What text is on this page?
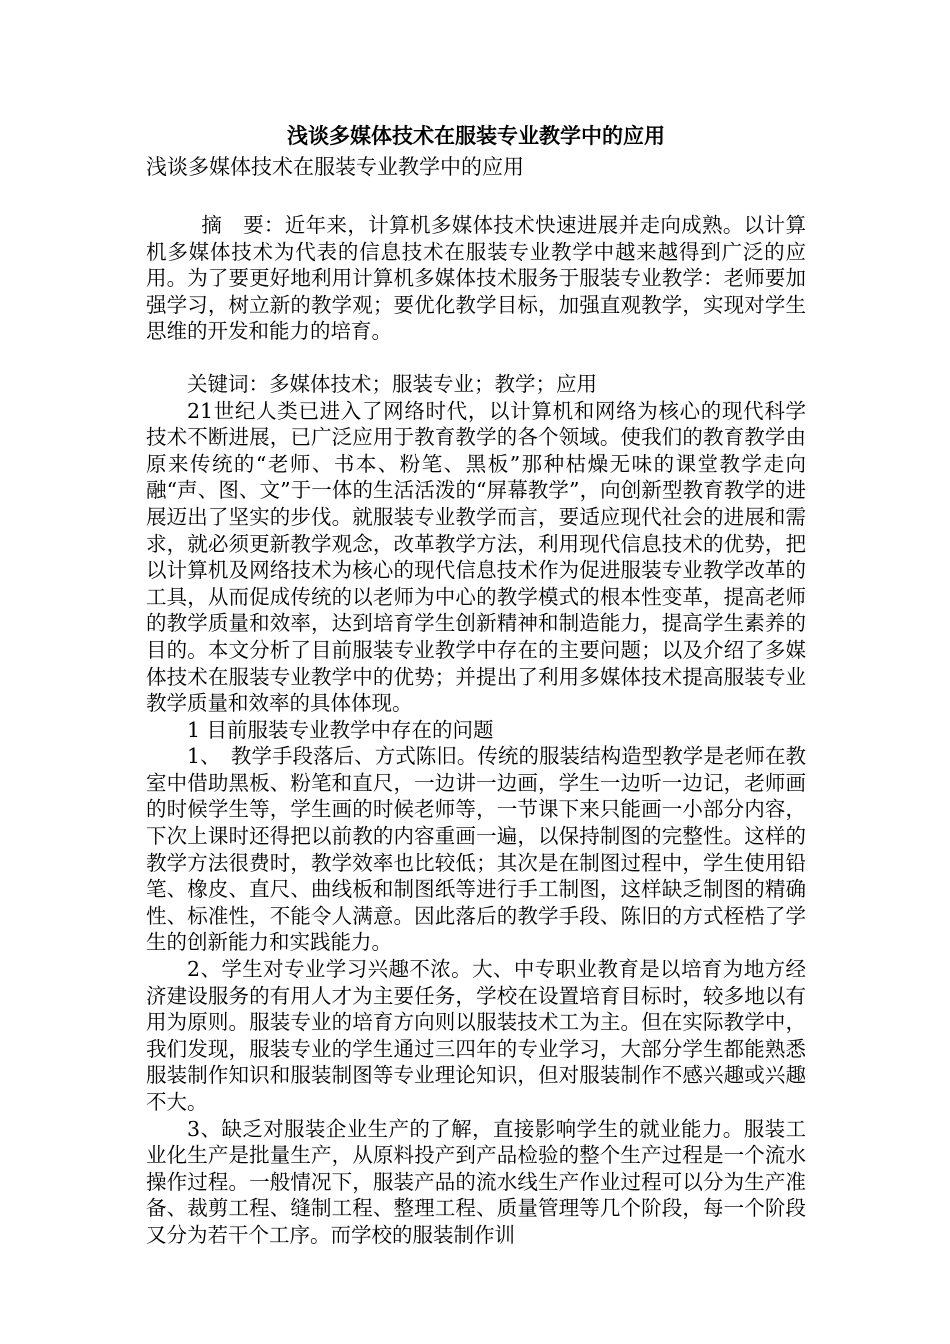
浅谈多媒体技术在服装专业教学中的应用

浅谈多媒体技术在服装专业教学中的应用

摘　要：近年来，计算机多媒体技术快速进展并走向成熟。以计算机多媒体技术为代表的信息技术在服装专业教学中越来越得到广泛的应用。为了要更好地利用计算机多媒体技术服务于服装专业教学：老师要加强学习，树立新的教学观；要优化教学目标，加强直观教学，实现对学生思维的开发和能力的培育。

关键词：多媒体技术；服装专业；教学；应用

21世纪人类已进入了网络时代，以计算机和网络为核心的现代科学技术不断进展，已广泛应用于教育教学的各个领域。使我们的教育教学由原来传统的“老师、书本、粉笔、黑板”那种枯燥无味的课堂教学走向融“声、图、文”于一体的生活活泼的“屏幕教学”，向创新型教育教学的进展迈出了坚实的步伐。就服装专业教学而言，要适应现代社会的进展和需求，就必须更新教学观念，改革教学方法，利用现代信息技术的优势，把以计算机及网络技术为核心的现代信息技术作为促进服装专业教学改革的工具，从而促成传统的以老师为中心的教学模式的根本性变革，提高老师的教学质量和效率，达到培育学生创新精神和制造能力，提高学生素养的目的。本文分析了目前服装专业教学中存在的主要问题；以及介绍了多媒体技术在服装专业教学中的优势；并提出了利用多媒体技术提高服装专业教学质量和效率的具体体现。

1 目前服装专业教学中存在的问题

1、　教学手段落后、方式陈旧。传统的服装结构造型教学是老师在教室中借助黑板、粉笔和直尺，一边讲一边画，学生一边听一边记，老师画的时候学生等，学生画的时候老师等，一节课下来只能画一小部分内容，下次上课时还得把以前教的内容重画一遍，以保持制图的完整性。这样的教学方法很费时，教学效率也比较低；其次是在制图过程中，学生使用铅笔、橡皮、直尺、曲线板和制图纸等进行手工制图，这样缺乏制图的精确性、标准性，不能令人满意。因此落后的教学手段、陈旧的方式桎梏了学生的创新能力和实践能力。

2、学生对专业学习兴趣不浓。大、中专职业教育是以培育为地方经济建设服务的有用人才为主要任务，学校在设置培育目标时，较多地以有用为原则。服装专业的培育方向则以服装技术工为主。但在实际教学中，我们发现，服装专业的学生通过三四年的专业学习，大部分学生都能熟悉服装制作知识和服装制图等专业理论知识，但对服装制作不感兴趣或兴趣不大。

3、缺乏对服装企业生产的了解，直接影响学生的就业能力。服装工业化生产是批量生产，从原料投产到产品检验的整个生产过程是一个流水操作过程。一般情况下，服装产品的流水线生产作业过程可以分为生产准备、裁剪工程、缝制工程、整理工程、质量管理等几个阶段，每一个阶段又分为若干个工序。而学校的服装制作训
